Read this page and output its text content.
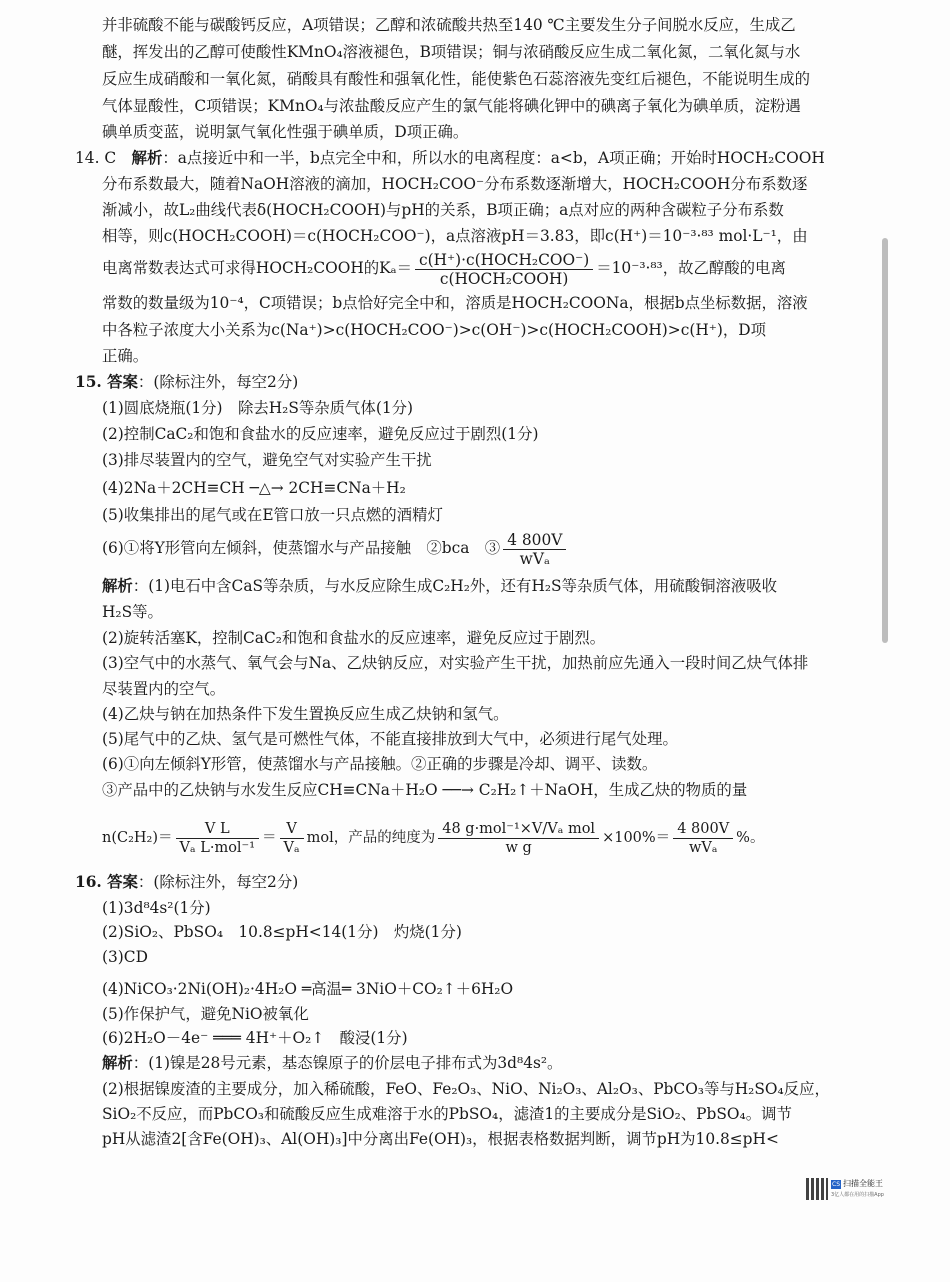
并非硫酸不能与碳酸钙反应，A项错误；乙醇和浓硫酸共热至140 ℃主要发生分子间脱水反应，生成乙
醚，挥发出的乙醇可使酸性KMnO₄溶液褪色，B项错误；铜与浓硝酸反应生成二氧化氮，二氧化氮与水
反应生成硝酸和一氧化氮，硝酸具有酸性和强氧化性，能使紫色石蕊溶液先变红后褪色，不能说明生成的
气体显酸性，C项错误；KMnO₄与浓盐酸反应产生的氯气能将碘化钾中的碘离子氧化为碘单质，淀粉遇
碘单质变蓝，说明氯气氧化性强于碘单质，D项正确。
14. C　解析：a点接近中和一半，b点完全中和，所以水的电离程度：a<b，A项正确；开始时HOCH₂COOH
分布系数最大，随着NaOH溶液的滴加，HOCH₂COO⁻分布系数逐渐增大，HOCH₂COOH分布系数逐
渐减小，故L₂曲线代表δ(HOCH₂COOH)与pH的关系，B项正确；a点对应的两种含碳粒子分布系数
相等，则c(HOCH₂COOH)＝c(HOCH₂COO⁻)，a点溶液pH＝3.83，即c(H⁺)＝10⁻³·⁸³ mol·L⁻¹，由
电离常数表达式可求得HOCH₂COOH的$K_a= \frac{\text{c(H⁺)·c(HOCH₂COO⁻)}}{\text{c(HOCH₂COOH)}} =10^{-3}\cdot^{83}$，故乙醇酸的电离
常数的数量级为10⁻⁴，C项错误；b点恰好完全中和，溶质是HOCH₂COONa，根据b点坐标数据，溶液
中各粒子浓度大小关系为c(Na⁺)>c(HOCH₂COO⁻)>c(OH⁻)>c(HOCH₂COOH)>c(H⁺)，D项
正确。
15. 答案：(除标注外，每空2分)
(1)圆底烧瓶(1分)　除去H₂S等杂质气体(1分)
(2)控制CaC₂和饱和食盐水的反应速率，避免反应过于剧烈(1分)
(3)排尽装置内的空气，避免空气对实验产生干扰
(4)2Na＋2CH≡CH ─△→ 2CH≡CNa＋H₂
(5)收集排出的尾气或在E管口放一只点燃的酒精灯
(6)①将Y形管向左倾斜，使蒸馏水与产品接触　②bca　③ $\frac{4 800V}{\text{wVₐ}}$
解析：(1)电石中含CaS等杂质，与水反应除生成C₂H₂外，还有H₂S等杂质气体，用硫酸铜溶液吸收
H₂S等。
(2)旋转活塞K，控制CaC₂和饱和食盐水的反应速率，避免反应过于剧烈。
(3)空气中的水蒸气、氧气会与Na、乙炔钠反应，对实验产生干扰，加热前应先通入一段时间乙炔气体排
尽装置内的空气。
(4)乙炔与钠在加热条件下发生置换反应生成乙炔钠和氢气。
(5)尾气中的乙炔、氢气是可燃性气体，不能直接排放到大气中，必须进行尾气处理。
(6)①向左倾斜Y形管，使蒸馏水与产品接触。②正确的步骤是冷却、调平、读数。
③产品中的乙炔钠与水发生反应CH≡CNa＋H₂O ──→ C₂H₂↑＋NaOH，生成乙炔的物质的量
$n(C_2H_2)= \frac{\text{V L}}{\text{Vₐ L·mol⁻¹}} = \frac{V}{\text{Vₐ}}$ mol，产品的纯度为 $\frac{\text{48 g·mol⁻¹×V/Vₐ mol}}{\text{w g}} \times 100\%= \frac{4 800V}{\text{wVₐ}}$ %。
16. 答案：(除标注外，每空2分)
(1)3d⁸4s²(1分)
(2)SiO₂、PbSO₄　10.8≤pH<14(1分)　灼烧(1分)
(3)CD
(4)NiCO₃·2Ni(OH)₂·4H₂O ═高温═ 3NiO＋CO₂↑＋6H₂O
(5)作保护气，避免NiO被氧化
(6)2H₂O－4e⁻ ═══ 4H⁺＋O₂↑　酸浸(1分)
解析：(1)镍是28号元素，基态镍原子的价层电子排布式为3d⁸4s²。
(2)根据镍废渣的主要成分，加入稀硫酸，FeO、Fe₂O₃、NiO、Ni₂O₃、Al₂O₃、PbCO₃等与H₂SO₄反应，
SiO₂不反应，而PbCO₃和硫酸反应生成难溶于水的PbSO₄，滤渣1的主要成分是SiO₂、PbSO₄。调节
pH从滤渣2[含Fe(OH)₃、Al(OH)₃]中分离出Fe(OH)₃，根据表格数据判断，调节pH为10.8≤pH<
CS 扫描全能王
3亿人都在用的扫描App
